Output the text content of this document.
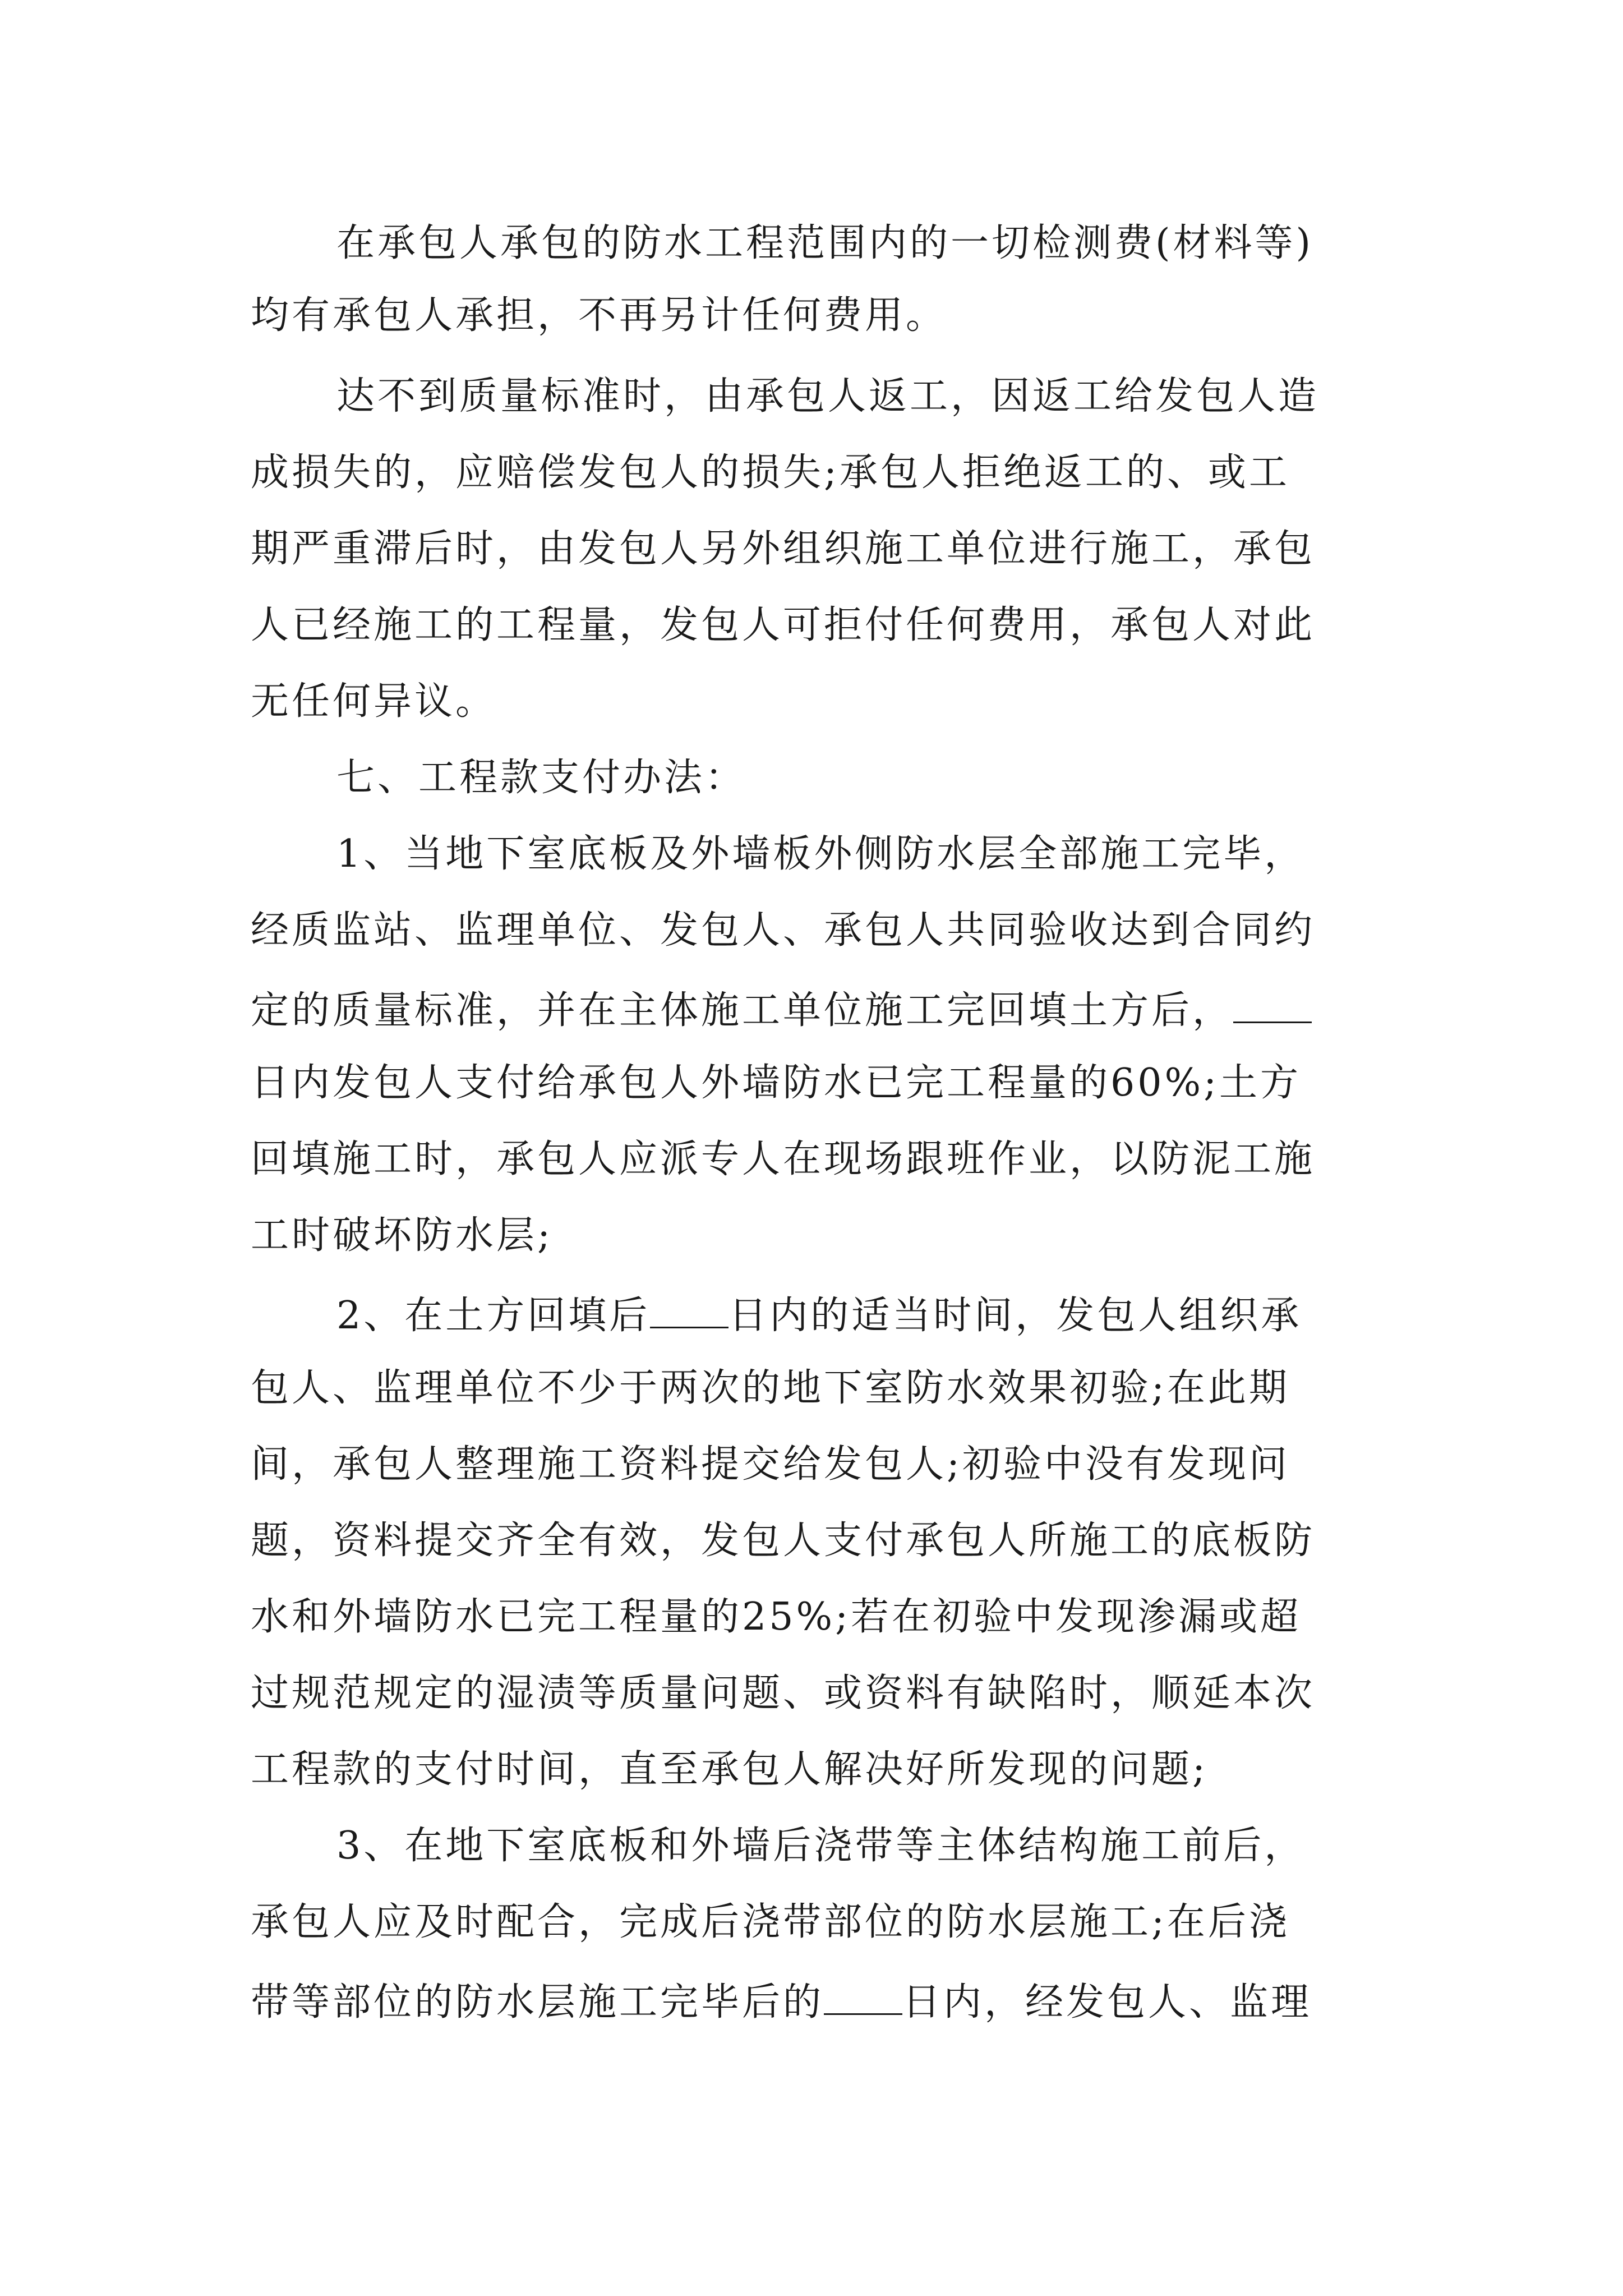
在承包人承包的防水工程范围内的一切检测费(材料等)

均有承包人承担，不再另计任何费用。

达不到质量标准时，由承包人返工，因返工给发包人造

成损失的，应赔偿发包人的损失;承包人拒绝返工的、或工

期严重滞后时，由发包人另外组织施工单位进行施工，承包

人已经施工的工程量，发包人可拒付任何费用，承包人对此

无任何异议。

七、工程款支付办法：

1、当地下室底板及外墙板外侧防水层全部施工完毕，

经质监站、监理单位、发包人、承包人共同验收达到合同约

定的质量标准，并在主体施工单位施工完回填土方后，

日内发包人支付给承包人外墙防水已完工程量的60%;土方

回填施工时，承包人应派专人在现场跟班作业，以防泥工施

工时破坏防水层;

2、在土方回填后 日内的适当时间，发包人组织承

包人、监理单位不少于两次的地下室防水效果初验;在此期

间，承包人整理施工资料提交给发包人;初验中没有发现问

题，资料提交齐全有效，发包人支付承包人所施工的底板防

水和外墙防水已完工程量的25%;若在初验中发现渗漏或超

过规范规定的湿渍等质量问题、或资料有缺陷时，顺延本次

工程款的支付时间，直至承包人解决好所发现的问题;

3、在地下室底板和外墙后浇带等主体结构施工前后，

承包人应及时配合，完成后浇带部位的防水层施工;在后浇

带等部位的防水层施工完毕后的 日内，经发包人、监理
